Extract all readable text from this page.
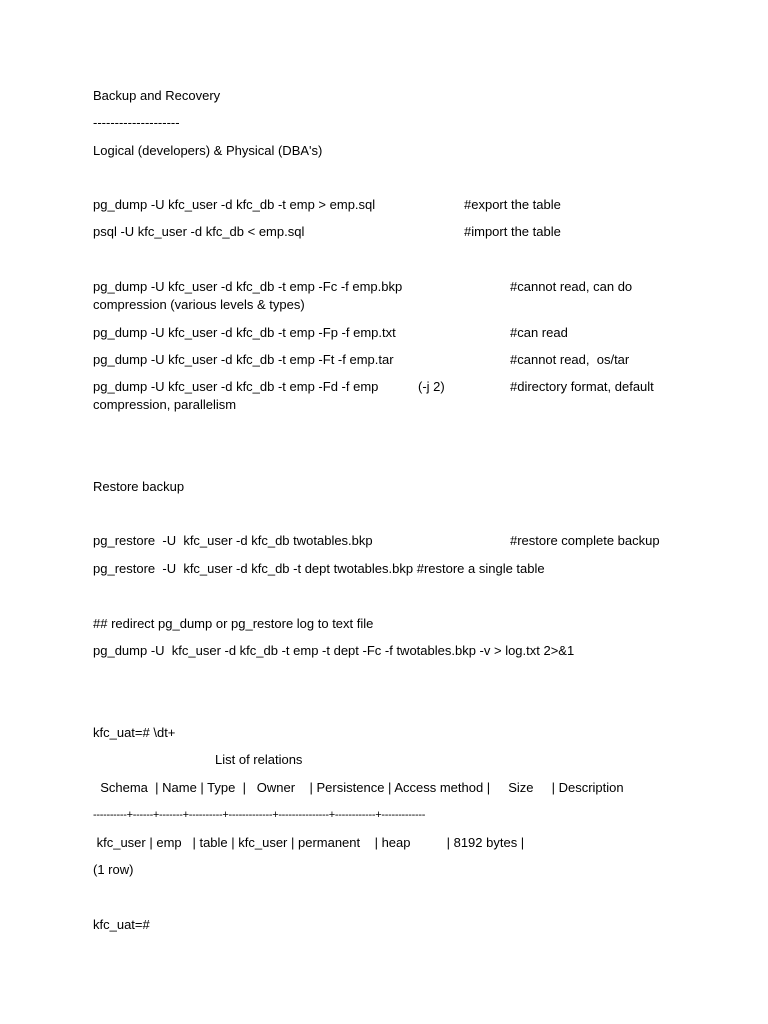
Backup and Recovery
--------------------
Logical (developers) & Physical (DBA's)
pg_dump -U kfc_user -d kfc_db -t emp > emp.sql	#export the table
psql -U kfc_user -d kfc_db < emp.sql	#import the table
pg_dump -U kfc_user -d kfc_db -t emp -Fc -f emp.bkp	#cannot read, can do
compression (various levels & types)
pg_dump -U kfc_user -d kfc_db -t emp -Fp -f emp.txt	#can read
pg_dump -U kfc_user -d kfc_db -t emp -Ft -f emp.tar	#cannot read,  os/tar
pg_dump -U kfc_user -d kfc_db -t emp -Fd -f emp	(-j 2)	#directory format, default
compression, parallelism
Restore backup
pg_restore  -U  kfc_user -d kfc_db twotables.bkp	#restore complete backup
pg_restore  -U  kfc_user -d kfc_db -t dept twotables.bkp #restore a single table
## redirect pg_dump or pg_restore log to text file
pg_dump -U  kfc_user -d kfc_db -t emp -t dept -Fc -f twotables.bkp -v > log.txt 2>&1
kfc_uat=# \dt+
List of relations
Schema  | Name | Type  |   Owner    | Persistence | Access method |     Size     | Description
----------+------+-------+----------+-------------+---------------+------------+-------------
kfc_user | emp   | table | kfc_user | permanent    | heap          | 8192 bytes |
(1 row)
kfc_uat=#
